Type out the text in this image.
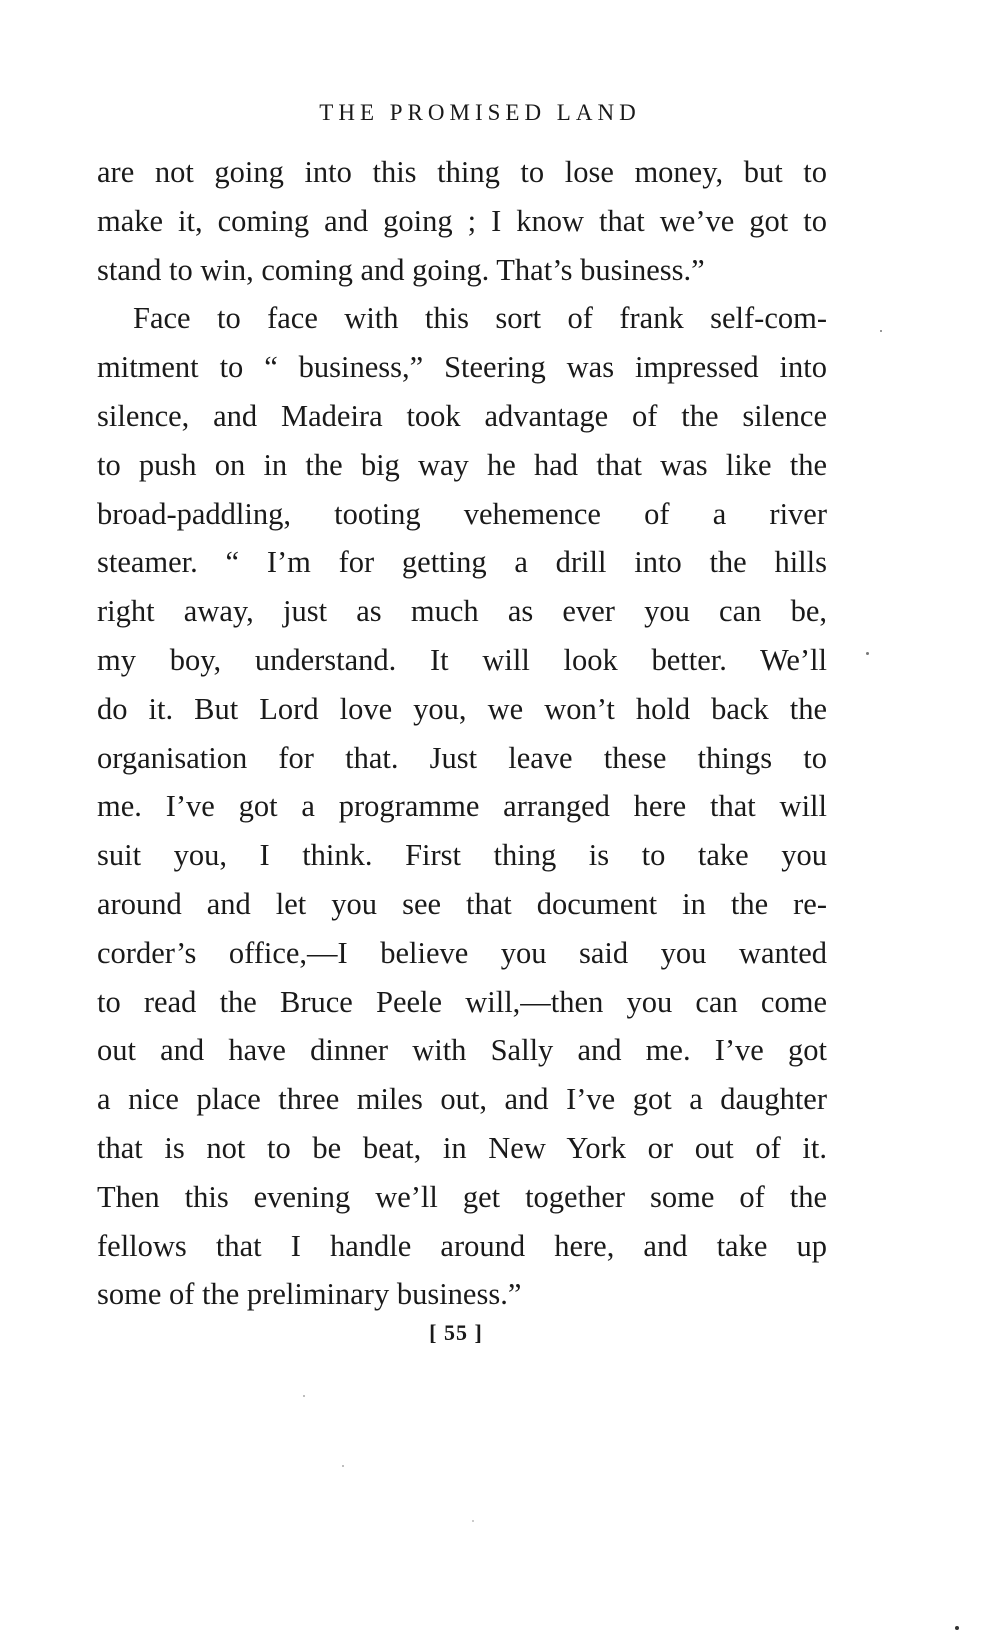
THE PROMISED LAND
are not going into this thing to lose money, but to
make it, coming and going ; I know that we’ve got to
stand to win, coming and going. That’s business.”
Face to face with this sort of frank self-com-
mitment to “ business,” Steering was impressed into
silence, and Madeira took advantage of the silence
to push on in the big way he had that was like the
broad-paddling, tooting vehemence of a river
steamer. “ I’m for getting a drill into the hills
right away, just as much as ever you can be,
my boy, understand. It will look better. We’ll
do it. But Lord love you, we won’t hold back the
organisation for that. Just leave these things to
me. I’ve got a programme arranged here that will
suit you, I think. First thing is to take you
around and let you see that document in the re-
corder’s office,—I believe you said you wanted
to read the Bruce Peele will,—then you can come
out and have dinner with Sally and me. I’ve got
a nice place three miles out, and I’ve got a daughter
that is not to be beat, in New York or out of it.
Then this evening we’ll get together some of the
fellows that I handle around here, and take up
some of the preliminary business.”
[ 55 ]
